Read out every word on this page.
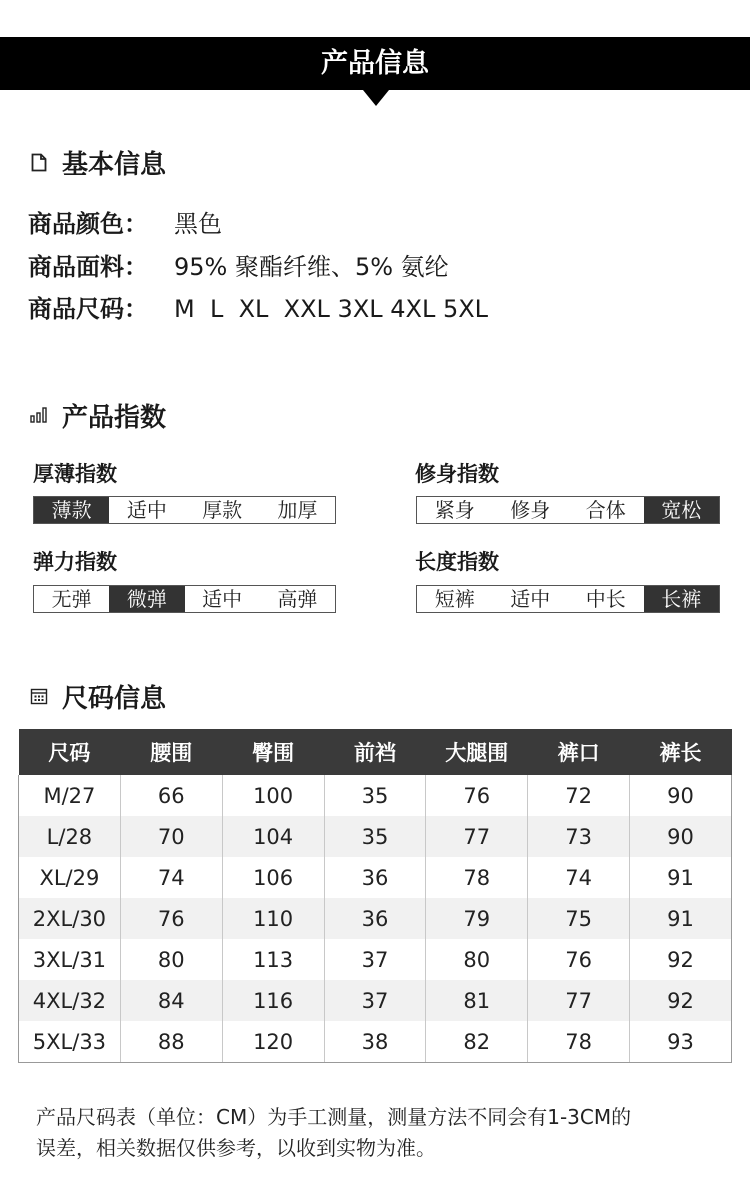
产品信息
基本信息
商品颜色： 黑色
商品面料： 95% 聚酯纤维、5% 氨纶
商品尺码： M  L  XL  XXL 3XL 4XL 5XL
产品指数
厚薄指数
薄款	适中	厚款	加厚
修身指数
紧身	修身	合体	宽松
弹力指数
无弹	微弹	适中	高弹
长度指数
短裤	适中	中长	长裤
尺码信息
尺码	腰围	臀围	前裆	大腿围	裤口	裤长
M/27	66	100	35	76	72	90
L/28	70	104	35	77	73	90
XL/29	74	106	36	78	74	91
2XL/30	76	110	36	79	75	91
3XL/31	80	113	37	80	76	92
4XL/32	84	116	37	81	77	92
5XL/33	88	120	38	82	78	93
产品尺码表（单位：CM）为手工测量，测量方法不同会有1-3CM的
误差，相关数据仅供参考，以收到实物为准。
